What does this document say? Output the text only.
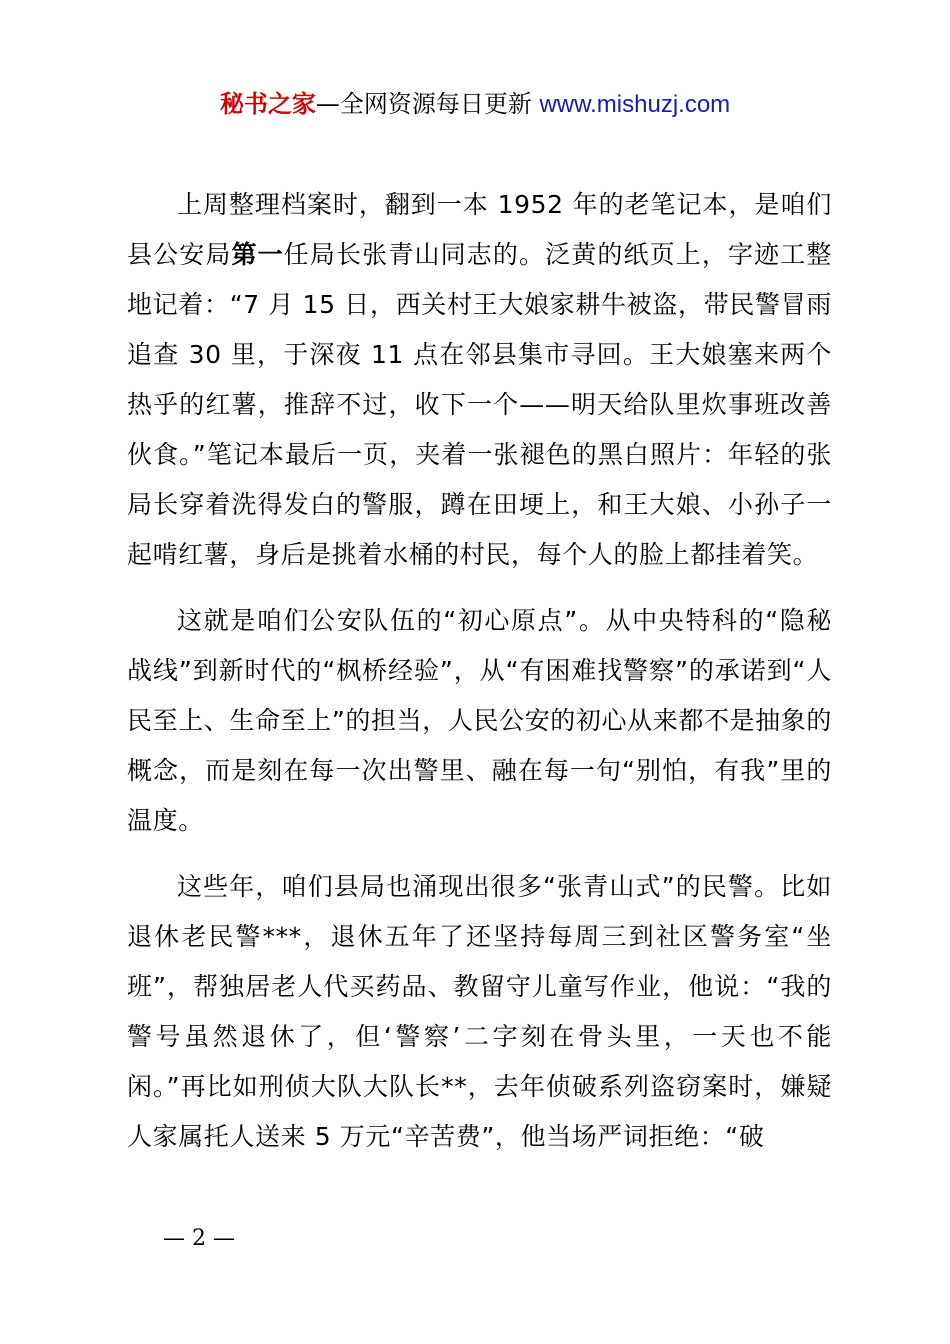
秘书之家—全网资源每日更新 www.mishuzj.com

上周整理档案时，翻到一本 1952 年的老笔记本，是咱们县公安局第一任局长张青山同志的。泛黄的纸页上，字迹工整地记着：“7 月 15 日，西关村王大娘家耕牛被盗，带民警冒雨追查 30 里，于深夜 11 点在邻县集市寻回。王大娘塞来两个热乎的红薯，推辞不过，收下一个——明天给队里炊事班改善伙食。”笔记本最后一页，夹着一张褪色的黑白照片：年轻的张局长穿着洗得发白的警服，蹲在田埂上，和王大娘、小孙子一起啃红薯，身后是挑着水桶的村民，每个人的脸上都挂着笑。

这就是咱们公安队伍的“初心原点”。从中央特科的“隐秘战线”到新时代的“枫桥经验”，从“有困难找警察”的承诺到“人民至上、生命至上”的担当，人民公安的初心从来都不是抽象的概念，而是刻在每一次出警里、融在每一句“别怕，有我”里的温度。

这些年，咱们县局也涌现出很多“张青山式”的民警。比如退休老民警***，退休五年了还坚持每周三到社区警务室“坐班”，帮独居老人代买药品、教留守儿童写作业，他说：“我的警号虽然退休了，但‘警察’二字刻在骨头里，一天也不能闲。”再比如刑侦大队大队长**，去年侦破系列盗窃案时，嫌疑人家属托人送来 5 万元“辛苦费”，他当场严词拒绝：“破

— 2 —
